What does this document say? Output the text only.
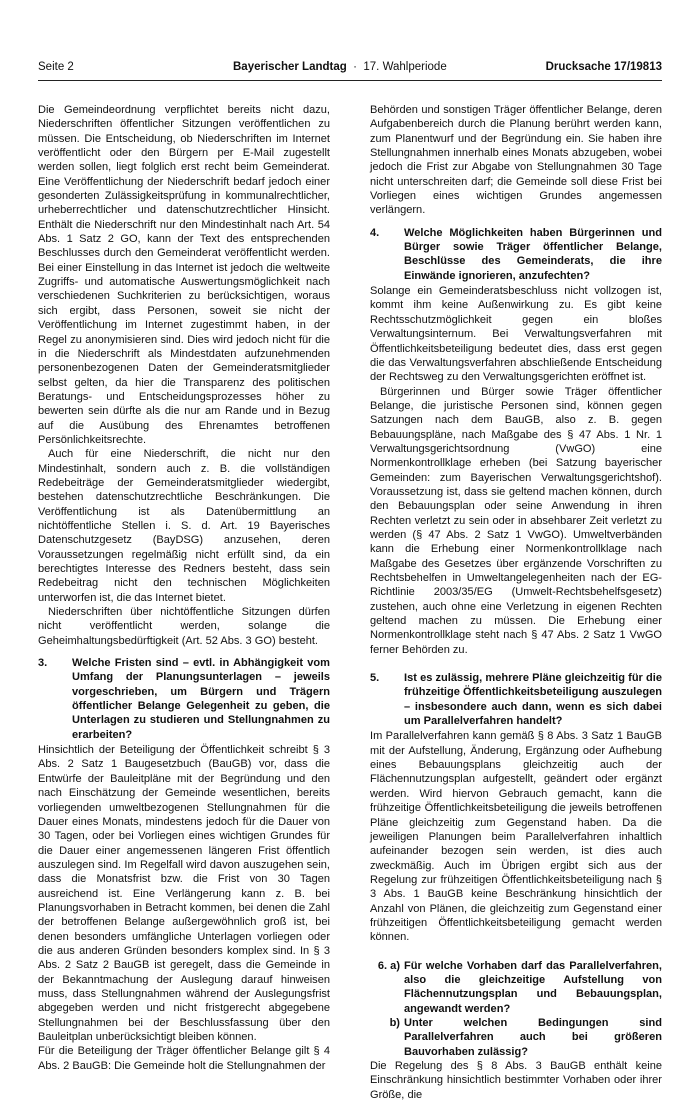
Seite 2	Bayerischer Landtag · 17. Wahlperiode	Drucksache 17/19813

Die Gemeindeordnung verpflichtet bereits nicht dazu, Niederschriften öffentlicher Sitzungen veröffentlichen zu müssen. Die Entscheidung, ob Niederschriften im Internet veröffentlicht oder den Bürgern per E-Mail zugestellt werden sollen, liegt folglich erst recht beim Gemeinderat. Eine Veröffentlichung der Niederschrift bedarf jedoch einer gesonderten Zulässigkeitsprüfung in kommunalrechtlicher, urheberrechtlicher und datenschutzrechtlicher Hinsicht. Enthält die Niederschrift nur den Mindestinhalt nach Art. 54 Abs. 1 Satz 2 GO, kann der Text des entsprechenden Beschlusses durch den Gemeinderat veröffentlicht werden. Bei einer Einstellung in das Internet ist jedoch die weltweite Zugriffs- und automatische Auswertungsmöglichkeit nach verschiedenen Suchkriterien zu berücksichtigen, woraus sich ergibt, dass Personen, soweit sie nicht der Veröffentlichung im Internet zugestimmt haben, in der Regel zu anonymisieren sind. Dies wird jedoch nicht für die in die Niederschrift als Mindestdaten aufzunehmenden personenbezogenen Daten der Gemeinderatsmitglieder selbst gelten, da hier die Transparenz des politischen Beratungs- und Entscheidungsprozesses höher zu bewerten sein dürfte als die nur am Rande und in Bezug auf die Ausübung des Ehrenamtes betroffenen Persönlichkeitsrechte.

Auch für eine Niederschrift, die nicht nur den Mindestinhalt, sondern auch z. B. die vollständigen Redebeiträge der Gemeinderatsmitglieder wiedergibt, bestehen datenschutzrechtliche Beschränkungen. Die Veröffentlichung ist als Datenübermittlung an nichtöffentliche Stellen i. S. d. Art. 19 Bayerisches Datenschutzgesetz (BayDSG) anzusehen, deren Voraussetzungen regelmäßig nicht erfüllt sind, da ein berechtigtes Interesse des Redners besteht, dass sein Redebeitrag nicht den technischen Möglichkeiten unterworfen ist, die das Internet bietet.

Niederschriften über nichtöffentliche Sitzungen dürfen nicht veröffentlicht werden, solange die Geheimhaltungsbedürftigkeit (Art. 52 Abs. 3 GO) besteht.

3.	Welche Fristen sind – evtl. in Abhängigkeit vom Umfang der Planungsunterlagen – jeweils vorgeschrieben, um Bürgern und Trägern öffentlicher Belange Gelegenheit zu geben, die Unterlagen zu studieren und Stellungnahmen zu erarbeiten?

Hinsichtlich der Beteiligung der Öffentlichkeit schreibt § 3 Abs. 2 Satz 1 Baugesetzbuch (BauGB) vor, dass die Entwürfe der Bauleitpläne mit der Begründung und den nach Einschätzung der Gemeinde wesentlichen, bereits vorliegenden umweltbezogenen Stellungnahmen für die Dauer eines Monats, mindestens jedoch für die Dauer von 30 Tagen, oder bei Vorliegen eines wichtigen Grundes für die Dauer einer angemessenen längeren Frist öffentlich auszulegen sind. Im Regelfall wird davon auszugehen sein, dass die Monatsfrist bzw. die Frist von 30 Tagen ausreichend ist. Eine Verlängerung kann z. B. bei Planungsvorhaben in Betracht kommen, bei denen die Zahl der betroffenen Belange außergewöhnlich groß ist, bei denen besonders umfängliche Unterlagen vorliegen oder die aus anderen Gründen besonders komplex sind. In § 3 Abs. 2 Satz 2 BauGB ist geregelt, dass die Gemeinde in der Bekanntmachung der Auslegung darauf hinweisen muss, dass Stellungnahmen während der Auslegungsfrist abgegeben werden und nicht fristgerecht abgegebene Stellungnahmen bei der Beschlussfassung über den Bauleitplan unberücksichtigt bleiben können.

Für die Beteiligung der Träger öffentlicher Belange gilt § 4 Abs. 2 BauGB: Die Gemeinde holt die Stellungnahmen der

Behörden und sonstigen Träger öffentlicher Belange, deren Aufgabenbereich durch die Planung berührt werden kann, zum Planentwurf und der Begründung ein. Sie haben ihre Stellungnahmen innerhalb eines Monats abzugeben, wobei jedoch die Frist zur Abgabe von Stellungnahmen 30 Tage nicht unterschreiten darf; die Gemeinde soll diese Frist bei Vorliegen eines wichtigen Grundes angemessen verlängern.

4.	Welche Möglichkeiten haben Bürgerinnen und Bürger sowie Träger öffentlicher Belange, Beschlüsse des Gemeinderats, die ihre Einwände ignorieren, anzufechten?

Solange ein Gemeinderatsbeschluss nicht vollzogen ist, kommt ihm keine Außenwirkung zu. Es gibt keine Rechtsschutzmöglichkeit gegen ein bloßes Verwaltungsinternum. Bei Verwaltungsverfahren mit Öffentlichkeitsbeteiligung bedeutet dies, dass erst gegen die das Verwaltungsverfahren abschließende Entscheidung der Rechtsweg zu den Verwaltungsgerichten eröffnet ist.

Bürgerinnen und Bürger sowie Träger öffentlicher Belange, die juristische Personen sind, können gegen Satzungen nach dem BauGB, also z. B. gegen Bebauungspläne, nach Maßgabe des § 47 Abs. 1 Nr. 1 Verwaltungsgerichtsordnung (VwGO) eine Normenkontrollklage erheben (bei Satzung bayerischer Gemeinden: zum Bayerischen Verwaltungsgerichtshof). Voraussetzung ist, dass sie geltend machen können, durch den Bebauungsplan oder seine Anwendung in ihren Rechten verletzt zu sein oder in absehbarer Zeit verletzt zu werden (§ 47 Abs. 2 Satz 1 VwGO). Umweltverbänden kann die Erhebung einer Normenkontrollklage nach Maßgabe des Gesetzes über ergänzende Vorschriften zu Rechtsbehelfen in Umweltangelegenheiten nach der EG-Richtlinie 2003/35/EG (Umwelt-Rechtsbehelfsgesetz) zustehen, auch ohne eine Verletzung in eigenen Rechten geltend machen zu müssen. Die Erhebung einer Normenkontrollklage steht nach § 47 Abs. 2 Satz 1 VwGO ferner Behörden zu.

5.	Ist es zulässig, mehrere Pläne gleichzeitig für die frühzeitige Öffentlichkeitsbeteiligung auszulegen – insbesondere auch dann, wenn es sich dabei um Parallelverfahren handelt?

Im Parallelverfahren kann gemäß § 8 Abs. 3 Satz 1 BauGB mit der Aufstellung, Änderung, Ergänzung oder Aufhebung eines Bebauungsplans gleichzeitig auch der Flächennutzungsplan aufgestellt, geändert oder ergänzt werden. Wird hiervon Gebrauch gemacht, kann die frühzeitige Öffentlichkeitsbeteiligung die jeweils betroffenen Pläne gleichzeitig zum Gegenstand haben. Da die jeweiligen Planungen beim Parallelverfahren inhaltlich aufeinander bezogen sein werden, ist dies auch zweckmäßig. Auch im Übrigen ergibt sich aus der Regelung zur frühzeitigen Öffentlichkeitsbeteiligung nach § 3 Abs. 1 BauGB keine Beschränkung hinsichtlich der Anzahl von Plänen, die gleichzeitig zum Gegenstand einer frühzeitigen Öffentlichkeitsbeteiligung gemacht werden können.

6. a) Für welche Vorhaben darf das Parallelverfahren, also die gleichzeitige Aufstellung von Flächennutzungsplan und Bebauungsplan, angewandt werden?
b) Unter welchen Bedingungen sind Parallelverfahren auch bei größeren Bauvorhaben zulässig?

Die Regelung des § 8 Abs. 3 BauGB enthält keine Einschränkung hinsichtlich bestimmter Vorhaben oder ihrer Größe, die
